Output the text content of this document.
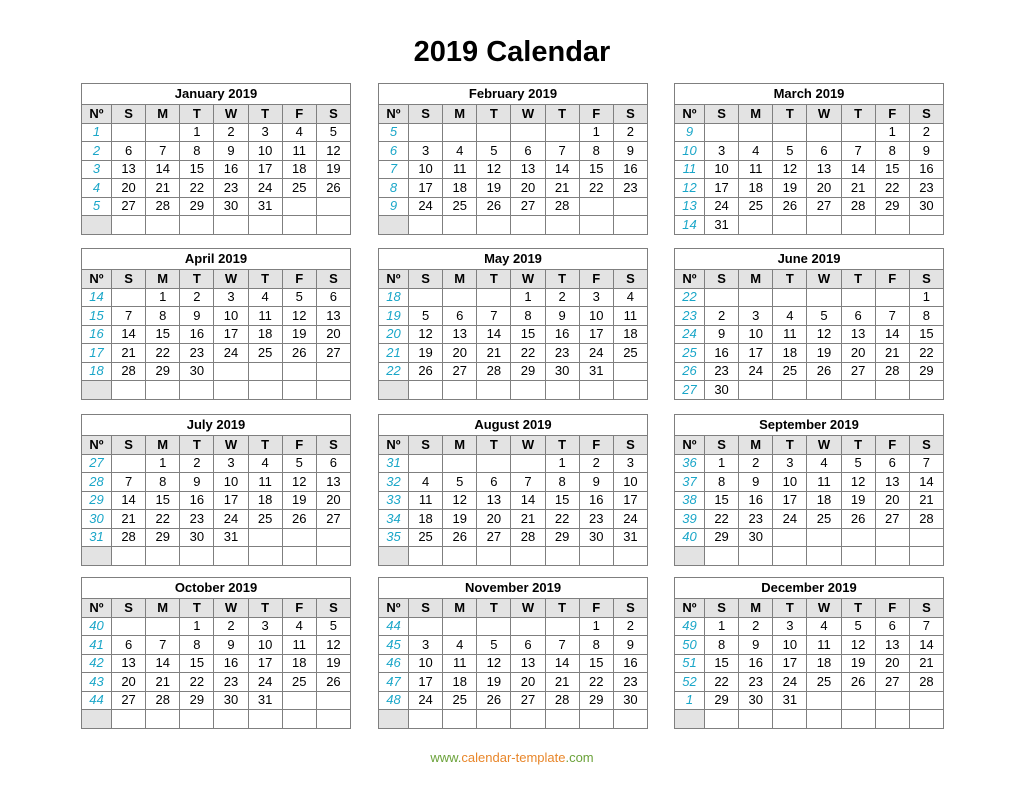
2019 Calendar
January 2019							
Nº	S	M	T	W	T	F	S
1			1	2	3	4	5
2	6	7	8	9	10	11	12
3	13	14	15	16	17	18	19
4	20	21	22	23	24	25	26
5	27	28	29	30	31		

February 2019							
Nº	S	M	T	W	T	F	S
5						1	2
6	3	4	5	6	7	8	9
7	10	11	12	13	14	15	16
8	17	18	19	20	21	22	23
9	24	25	26	27	28		

March 2019							
Nº	S	M	T	W	T	F	S
9						1	2
10	3	4	5	6	7	8	9
11	10	11	12	13	14	15	16
12	17	18	19	20	21	22	23
13	24	25	26	27	28	29	30
14	31						
April 2019							
Nº	S	M	T	W	T	F	S
14		1	2	3	4	5	6
15	7	8	9	10	11	12	13
16	14	15	16	17	18	19	20
17	21	22	23	24	25	26	27
18	28	29	30				

May 2019							
Nº	S	M	T	W	T	F	S
18				1	2	3	4
19	5	6	7	8	9	10	11
20	12	13	14	15	16	17	18
21	19	20	21	22	23	24	25
22	26	27	28	29	30	31	

June 2019							
Nº	S	M	T	W	T	F	S
22							1
23	2	3	4	5	6	7	8
24	9	10	11	12	13	14	15
25	16	17	18	19	20	21	22
26	23	24	25	26	27	28	29
27	30						
July 2019							
Nº	S	M	T	W	T	F	S
27		1	2	3	4	5	6
28	7	8	9	10	11	12	13
29	14	15	16	17	18	19	20
30	21	22	23	24	25	26	27
31	28	29	30	31			

August 2019							
Nº	S	M	T	W	T	F	S
31					1	2	3
32	4	5	6	7	8	9	10
33	11	12	13	14	15	16	17
34	18	19	20	21	22	23	24
35	25	26	27	28	29	30	31

September 2019							
Nº	S	M	T	W	T	F	S
36	1	2	3	4	5	6	7
37	8	9	10	11	12	13	14
38	15	16	17	18	19	20	21
39	22	23	24	25	26	27	28
40	29	30					

October 2019							
Nº	S	M	T	W	T	F	S
40			1	2	3	4	5
41	6	7	8	9	10	11	12
42	13	14	15	16	17	18	19
43	20	21	22	23	24	25	26
44	27	28	29	30	31		

November 2019							
Nº	S	M	T	W	T	F	S
44						1	2
45	3	4	5	6	7	8	9
46	10	11	12	13	14	15	16
47	17	18	19	20	21	22	23
48	24	25	26	27	28	29	30

December 2019							
Nº	S	M	T	W	T	F	S
49	1	2	3	4	5	6	7
50	8	9	10	11	12	13	14
51	15	16	17	18	19	20	21
52	22	23	24	25	26	27	28
1	29	30	31				

www.calendar-template.com
